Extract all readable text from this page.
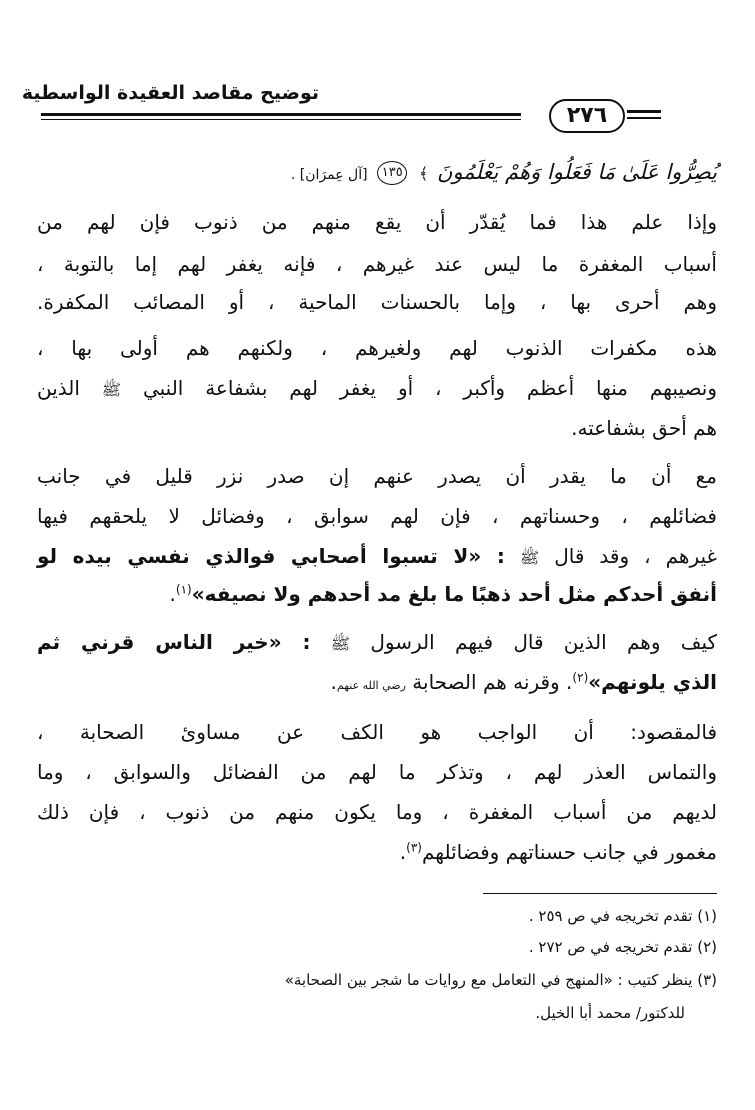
توضيح مقاصد العقيدة الواسطية
٢٧٦
يُصِرُّوا عَلَىٰ مَا فَعَلُوا وَهُمْ يَعْلَمُونَ ﴾ ١٣٥ [آل عِمرَان] .
وإذا علم هذا فما يُقدّر أن يقع منهم من ذنوب فإن لهم من
أسباب المغفرة ما ليس عند غيرهم ، فإنه يغفر لهم إما بالتوبة ،
وهم أحرى بها ، وإما بالحسنات الماحية ، أو المصائب المكفرة.
هذه مكفرات الذنوب لهم ولغيرهم ، ولكنهم هم أولى بها ،
ونصيبهم منها أعظم وأكبر ، أو يغفر لهم بشفاعة النبي ﷺ الذين
هم أحق بشفاعته.
مع أن ما يقدر أن يصدر عنهم إن صدر نزر قليل في جانب
فضائلهم ، وحسناتهم ، فإن لهم سوابق ، وفضائل لا يلحقهم فيها
غيرهم ، وقد قال ﷺ : «لا تسبوا أصحابي فوالذي نفسي بيده لو
أنفق أحدكم مثل أحد ذهبًا ما بلغ مد أحدهم ولا نصيفه»$^{(١)}$.
كيف وهم الذين قال فيهم الرسول ﷺ : «خير الناس قرني ثم
الذي يلونهم»$^{(٢)}$. وقرنه هم الصحابة رضي الله عنهم.
فالمقصود: أن الواجب هو الكف عن مساوئ الصحابة ،
والتماس العذر لهم ، وتذكر ما لهم من الفضائل والسوابق ، وما
لديهم من أسباب المغفرة ، وما يكون منهم من ذنوب ، فإن ذلك
مغمور في جانب حسناتهم وفضائلهم$^{(٣)}$.
(١) تقدم تخريجه في ص ٢٥٩ .
(٢) تقدم تخريجه في ص ٢٧٢ .
(٣) ينظر كتيب : «المنهج في التعامل مع روايات ما شجر بين الصحابة»
للدكتور/ محمد أبا الخيل.
